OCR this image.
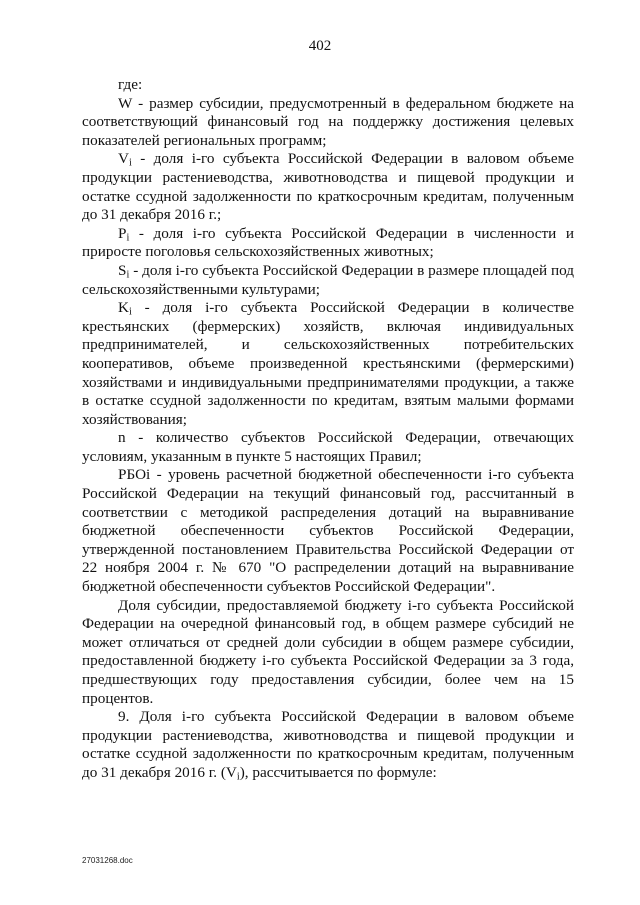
402

где:

W - размер субсидии, предусмотренный в федеральном бюджете на соответствующий финансовый год на поддержку достижения целевых показателей региональных программ;

$V_i$ - доля i-го субъекта Российской Федерации в валовом объеме продукции растениеводства, животноводства и пищевой продукции и остатке ссудной задолженности по краткосрочным кредитам, полученным до 31 декабря 2016 г.;

$P_i$ - доля i-го субъекта Российской Федерации в численности и приросте поголовья сельскохозяйственных животных;

$S_i$ - доля i-го субъекта Российской Федерации в размере площадей под сельскохозяйственными культурами;

$K_i$ - доля i-го субъекта Российской Федерации в количестве

крестьянских (фермерских) хозяйств, включая индивидуальных

предпринимателей, и сельскохозяйственных потребительских

кооперативов, объеме произведенной крестьянскими (фермерскими) хозяйствами и индивидуальными предпринимателями продукции, а также в остатке ссудной задолженности по кредитам, взятым малыми формами хозяйствования;

n - количество субъектов Российской Федерации, отвечающих условиям, указанным в пункте 5 настоящих Правил;

РБОi - уровень расчетной бюджетной обеспеченности i-го субъекта Российской Федерации на текущий финансовый год, рассчитанный в соответствии с методикой распределения дотаций на выравнивание бюджетной обеспеченности субъектов Российской Федерации, утвержденной постановлением Правительства Российской Федерации от 22 ноября 2004 г. № 670 "О распределении дотаций на выравнивание бюджетной обеспеченности субъектов Российской Федерации".

Доля субсидии, предоставляемой бюджету i-го субъекта Российской Федерации на очередной финансовый год, в общем размере субсидий не может отличаться от средней доли субсидии в общем размере субсидии, предоставленной бюджету i-го субъекта Российской Федерации за 3 года, предшествующих году предоставления субсидии, более чем на 15 процентов.

9. Доля i-го субъекта Российской Федерации в валовом объеме продукции растениеводства, животноводства и пищевой продукции и остатке ссудной задолженности по краткосрочным кредитам, полученным до 31 декабря 2016 г. $(V_i)$, рассчитывается по формуле:

27031268.doc
